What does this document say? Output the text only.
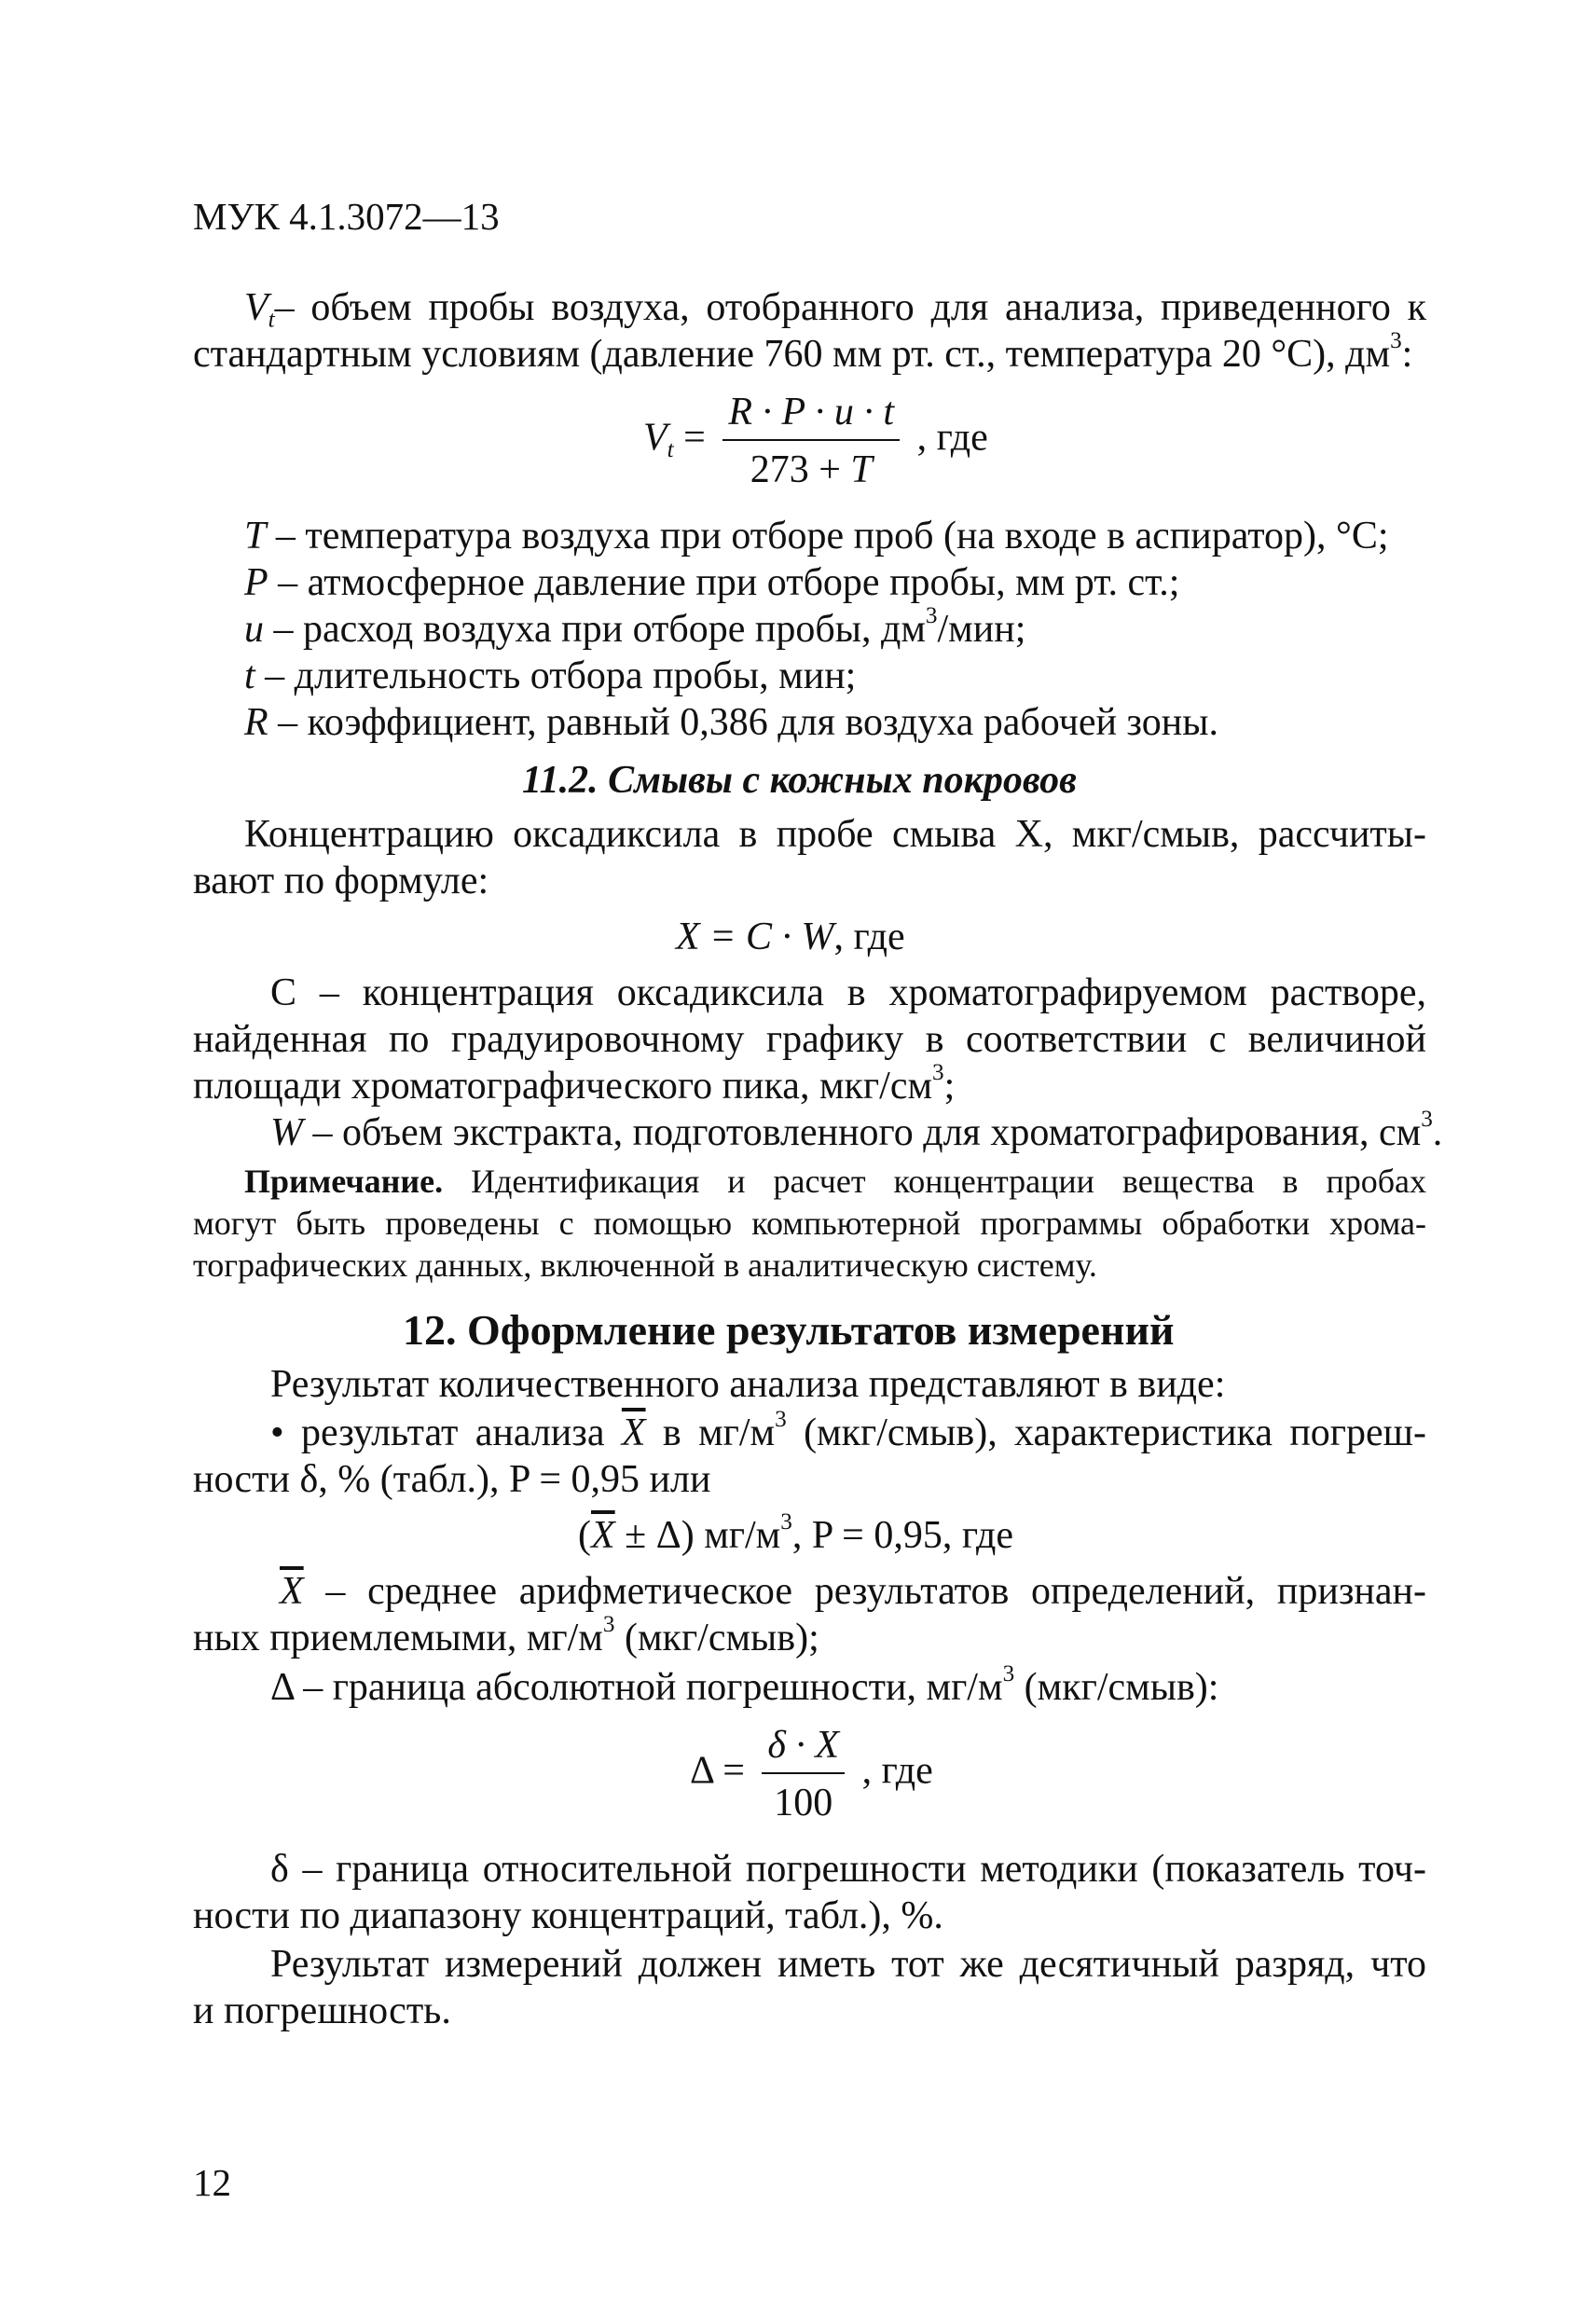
МУК 4.1.3072—13
$V_t-$ объем пробы воздуха, отобранного для анализа, приведенного к
стандартным условиям (давление 760 мм рт. ст., температура 20 °С), $дм^3$:
$V_t = \frac{R \cdot P \cdot u \cdot t}{273 + T}$ , где
T – температура воздуха при отборе проб (на входе в аспиратор), °С;
P – атмосферное давление при отборе пробы, мм рт. ст.;
u – расход воздуха при отборе пробы, $дм^3$/мин;
t – длительность отбора пробы, мин;
R – коэффициент, равный 0,386 для воздуха рабочей зоны.
11.2. Смывы с кожных покровов
Концентрацию оксадиксила в пробе смыва X, мкг/смыв, рассчиты-
вают по формуле:
X = C · W, где
C – концентрация оксадиксила в хроматографируемом растворе,
найденная по градуировочному графику в соответствии с величиной
площади хроматографического пика, мкг/$см^3$;
W – объем экстракта, подготовленного для хроматографирования, $см^3$.
Примечание. Идентификация и расчет концентрации вещества в пробах
могут быть проведены с помощью компьютерной программы обработки хрома-
тографических данных, включенной в аналитическую систему.
12. Оформление результатов измерений
Результат количественного анализа представляют в виде:
• результат анализа $\overline{X}$ в $мг/м^3$ (мкг/смыв), характеристика погреш-
ности δ, % (табл.), P = 0,95 или
$(\overline{X} \pm \Delta)$ $мг/м^3$, P = 0,95, где
$\overline{X}$ – среднее арифметическое результатов определений, признан-
ных приемлемыми, $мг/м^3$ (мкг/смыв);
Δ – граница абсолютной погрешности, $мг/м^3$ (мкг/смыв):
$\Delta = \frac{\delta \cdot X}{100}$ , где
δ – граница относительной погрешности методики (показатель точ-
ности по диапазону концентраций, табл.), %.
Результат измерений должен иметь тот же десятичный разряд, что
и погрешность.
12
